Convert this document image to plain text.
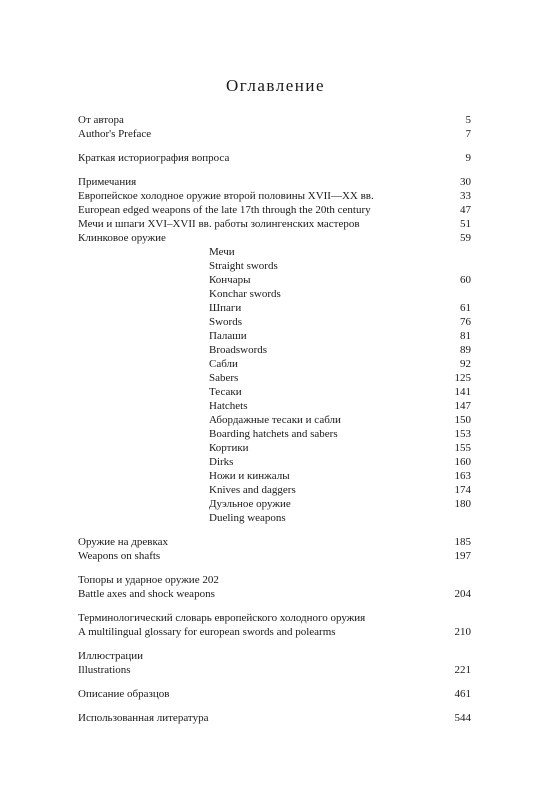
Оглавление
От автора	5
Author's Preface	7
Краткая историография вопроса	9
Примечания	30
Европейское холодное оружие второй половины XVII—XX вв.	33
European edged weapons of the late 17th through the 20th century	47
Мечи и шпаги XVI–XVII вв. работы золингенских мастеров	51
Клинковое оружие	59
Мечи
Straight swords
Кончары	60
Konchar swords
Шпаги	61
Swords	76
Палаши	81
Broadswords	89
Сабли	92
Sabers	125
Тесаки	141
Hatchets	147
Абордажные тесаки и сабли	150
Boarding hatchets and sabers	153
Кортики	155
Dirks	160
Ножи и кинжалы	163
Knives and daggers	174
Дуэльное оружие	180
Dueling weapons
Оружие на древках	185
Weapons on shafts	197
Топоры и ударное оружие 202
Battle axes and shock weapons	204
Терминологический словарь европейского холодного оружия
A multilingual glossary for european swords and polearms	210
Иллюстрации
Illustrations	221
Описание образцов	461
Использованная литература	544
